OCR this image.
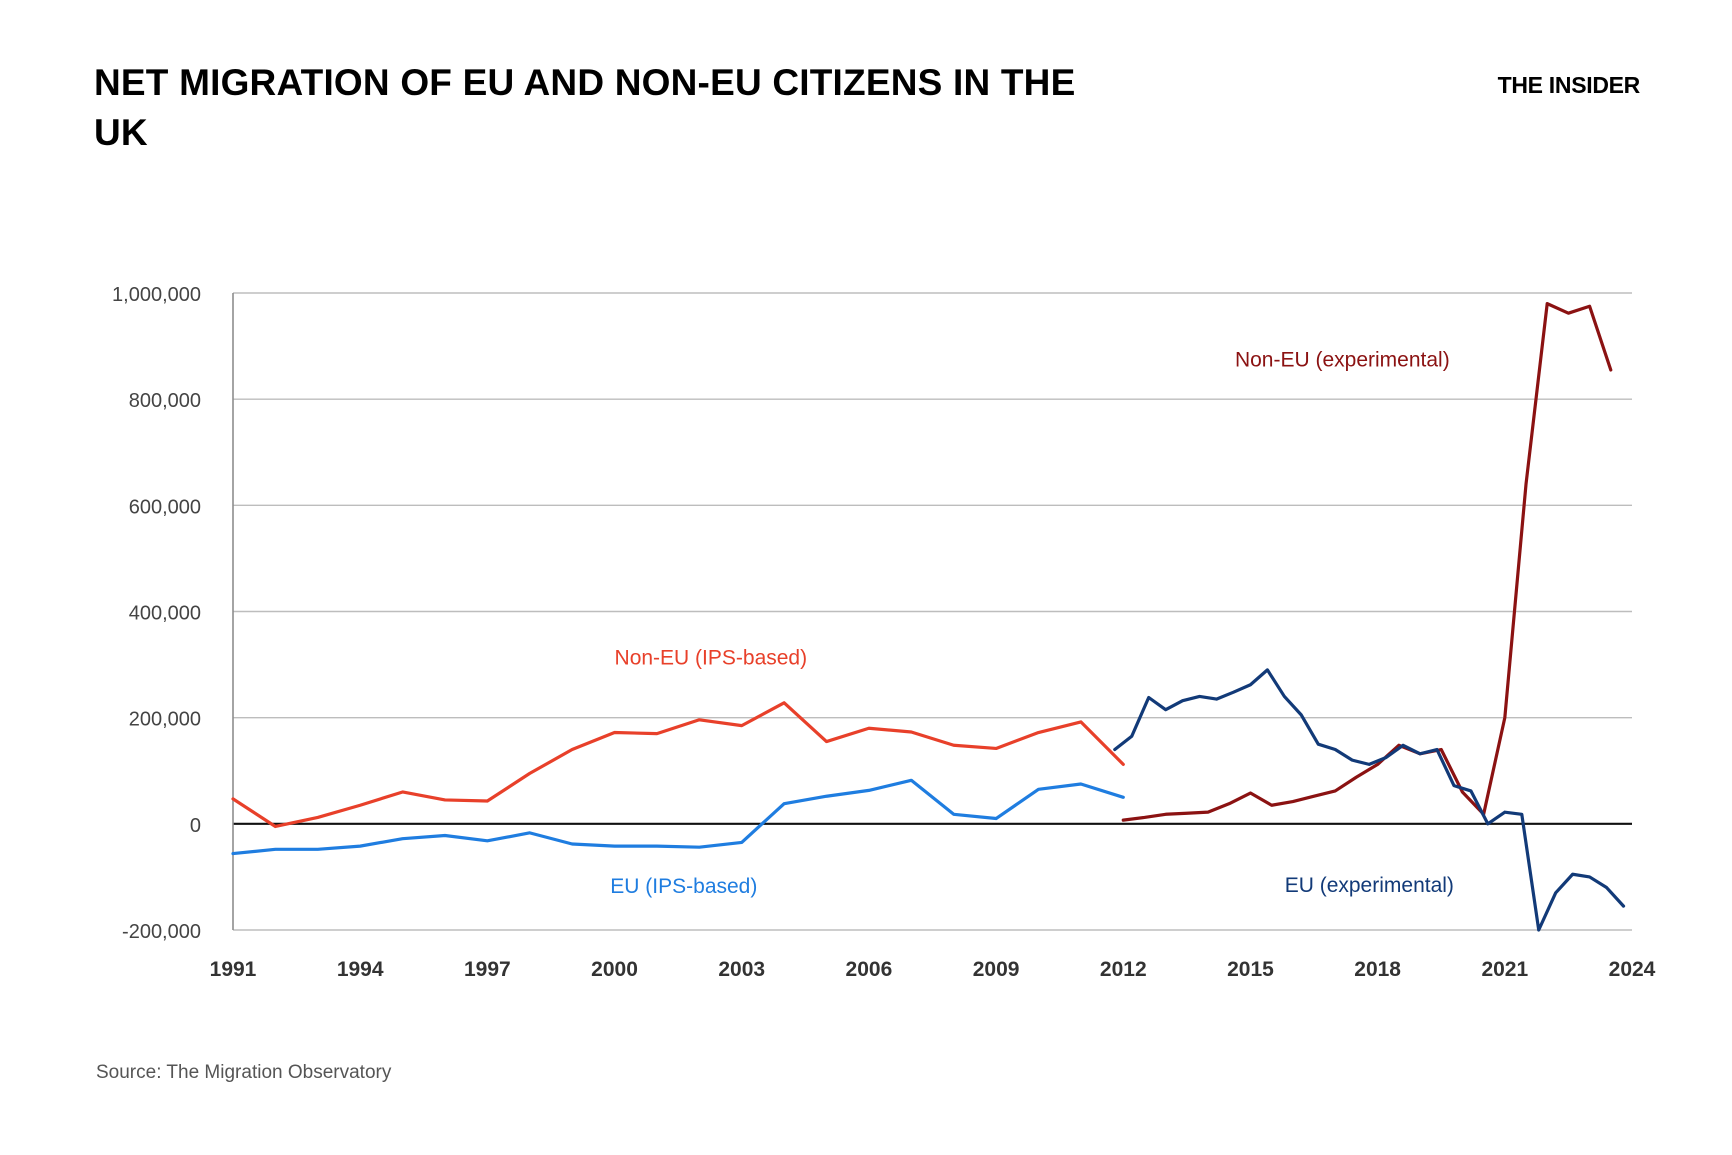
NET MIGRATION OF EU AND NON-EU CITIZENS IN THE UK
THE INSIDER
1,000,000
800,000
600,000
400,000
200,000
0
-200,000
1991	1994	1997	2000	2003	2006	2009	2012	2015	2018	2021	2024
Non-EU (IPS-based)
EU (IPS-based)
Non-EU (experimental)
EU (experimental)
Source: The Migration Observatory
